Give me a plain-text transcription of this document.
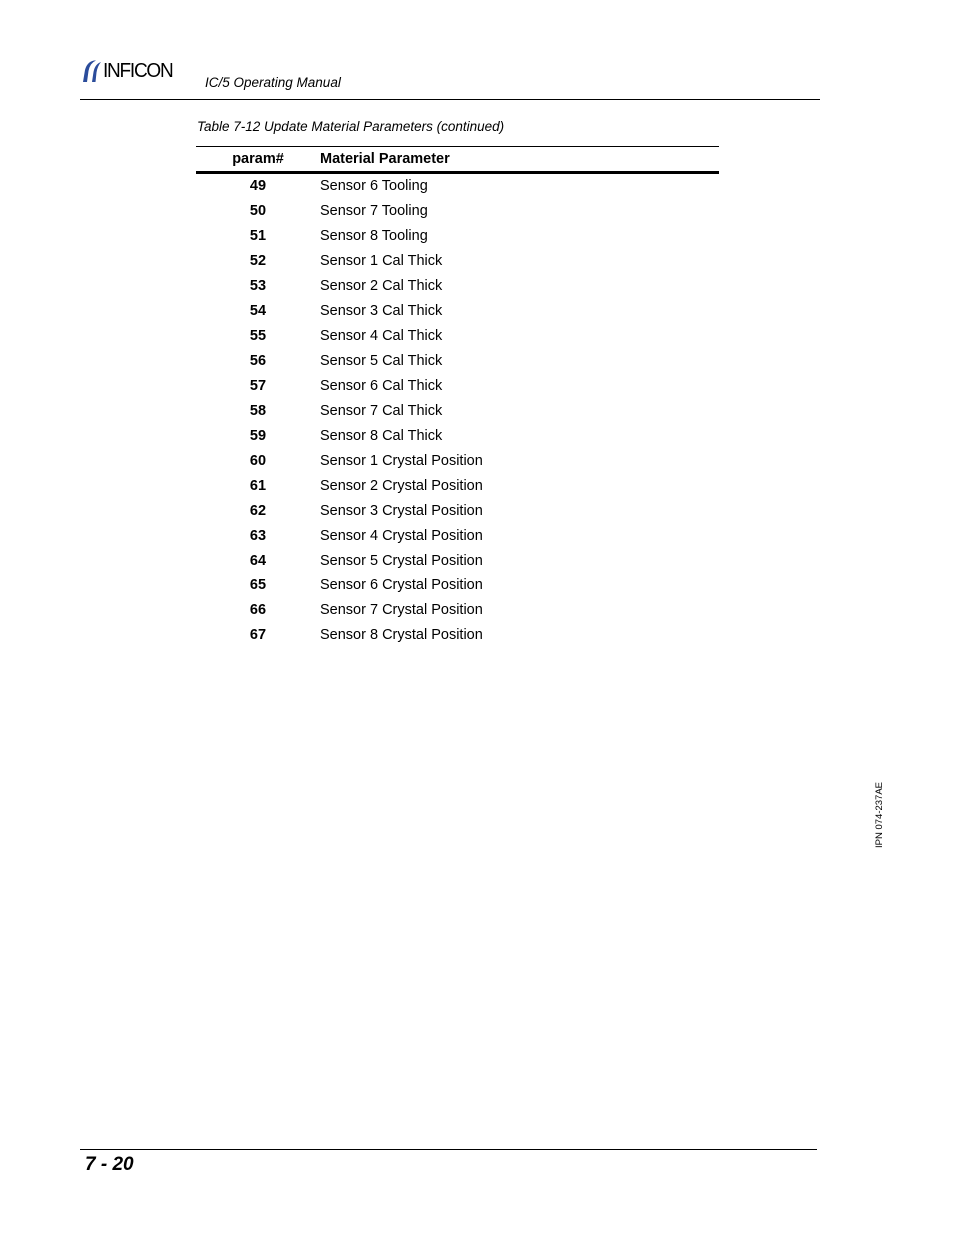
INFICON
IC/5 Operating Manual
Table 7-12 Update Material Parameters (continued)
param#	Material Parameter
49	Sensor 6 Tooling
50	Sensor 7 Tooling
51	Sensor 8 Tooling
52	Sensor 1 Cal Thick
53	Sensor 2 Cal Thick
54	Sensor 3 Cal Thick
55	Sensor 4 Cal Thick
56	Sensor 5 Cal Thick
57	Sensor 6 Cal Thick
58	Sensor 7 Cal Thick
59	Sensor 8 Cal Thick
60	Sensor 1 Crystal Position
61	Sensor 2 Crystal Position
62	Sensor 3 Crystal Position
63	Sensor 4 Crystal Position
64	Sensor 5 Crystal Position
65	Sensor 6 Crystal Position
66	Sensor 7 Crystal Position
67	Sensor 8 Crystal Position
IPN 074-237AE
7 - 20
